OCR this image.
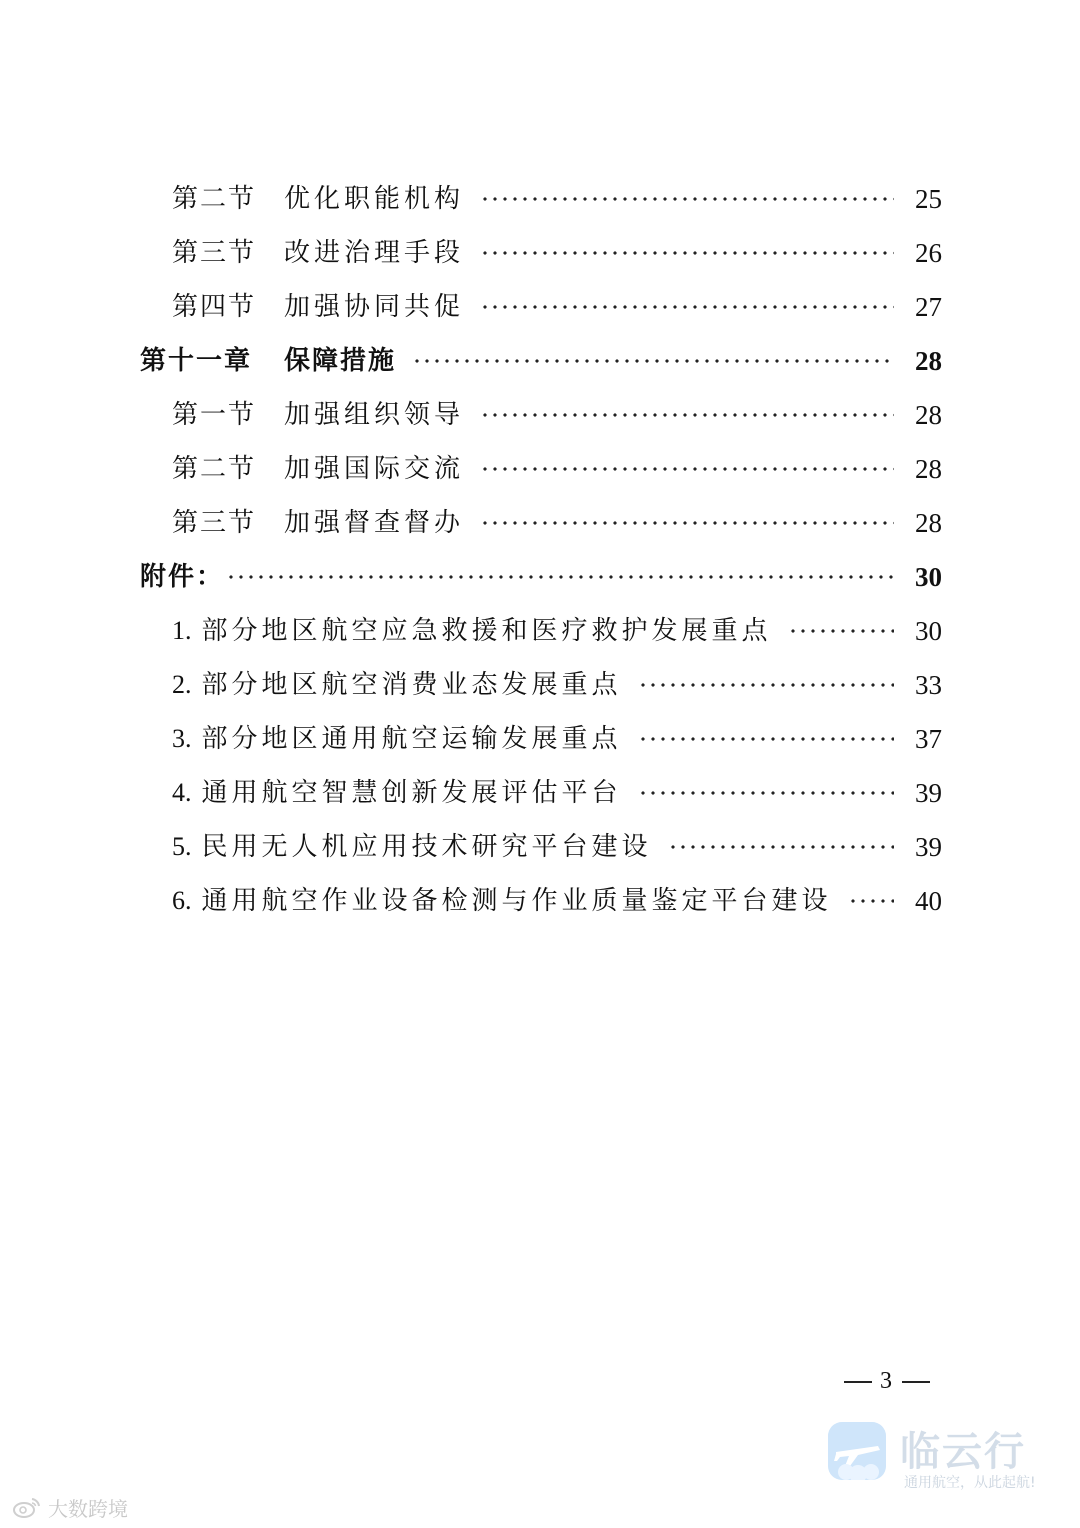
第二节	优化职能机构	25
第三节	改进治理手段	26
第四节	加强协同共促	27
第十一章	保障措施	28
第一节	加强组织领导	28
第二节	加强国际交流	28
第三节	加强督查督办	28
附件：	30
1. 部分地区航空应急救援和医疗救护发展重点	30
2. 部分地区航空消费业态发展重点	33
3. 部分地区通用航空运输发展重点	37
4. 通用航空智慧创新发展评估平台	39
5. 民用无人机应用技术研究平台建设	39
6. 通用航空作业设备检测与作业质量鉴定平台建设	40
3
临云行
通用航空，从此起航!
大数跨境
